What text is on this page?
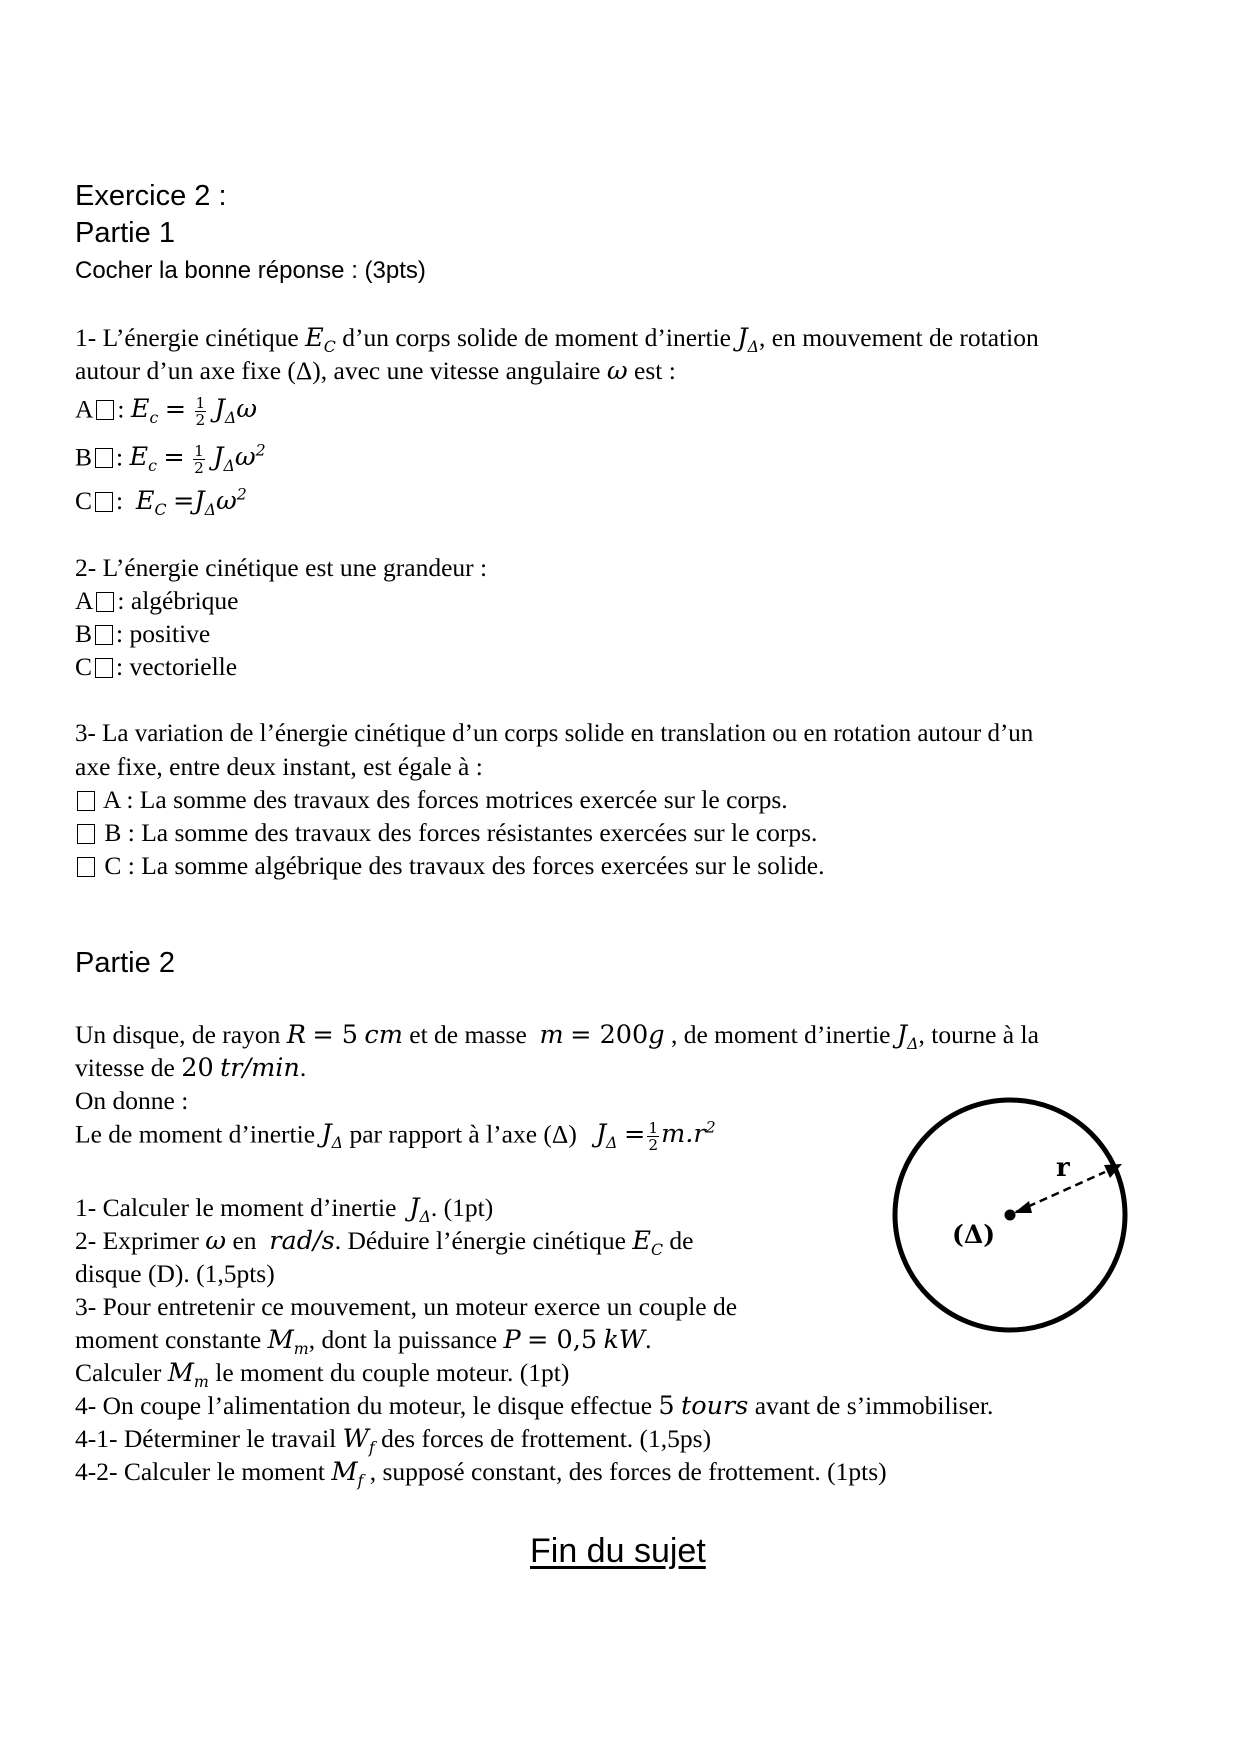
Exercice 2 :
Partie 1
Cocher la bonne réponse : (3pts)
1- L’énergie cinétique $E_C$ d’un corps solide de moment d’inertie $J_\Delta$, en mouvement de rotation
autour d’un axe fixe (Δ), avec une vitesse angulaire ω est :
A : $E_c = \frac{1}{2} J_\Delta\omega$
B : $E_c = \frac{1}{2} J_\Delta\omega^2$
C :  $E_C =J_\Delta\omega^2$
2- L’énergie cinétique est une grandeur :
A : algébrique
B : positive
C : vectorielle
3- La variation de l’énergie cinétique d’un corps solide en translation ou en rotation autour d’un
axe fixe, entre deux instant, est égale à :
A : La somme des travaux des forces motrices exercée sur le corps.
B : La somme des travaux des forces résistantes exercées sur le corps.
C : La somme algébrique des travaux des forces exercées sur le solide.
Partie 2
Un disque, de rayon R = 5 cm et de masse m = 200g , de moment d’inertie $J_\Delta$, tourne à la
vitesse de 20 tr/min.
On donne :
Le de moment d’inertie $J_\Delta$ par rapport à l’axe (Δ) $J_\Delta = \frac{1}{2} m.r^2$
1- Calculer le moment d’inertie $J_\Delta$. (1pt)
2- Exprimer ω en rad/s. Déduire l’énergie cinétique $E_C$ de
disque (D). (1,5pts)
3- Pour entretenir ce mouvement, un moteur exerce un couple de
moment constante $M_m$, dont la puissance P = 0,5 kW.
Calculer $M_m$ le moment du couple moteur. (1pt)
4- On coupe l’alimentation du moteur, le disque effectue 5 tours avant de s’immobiliser.
4-1- Déterminer le travail $W_f$ des forces de frottement. (1,5ps)
4-2- Calculer le moment $M_f$ , supposé constant, des forces de frottement. (1pts)
r
(Δ)
Fin du sujet
